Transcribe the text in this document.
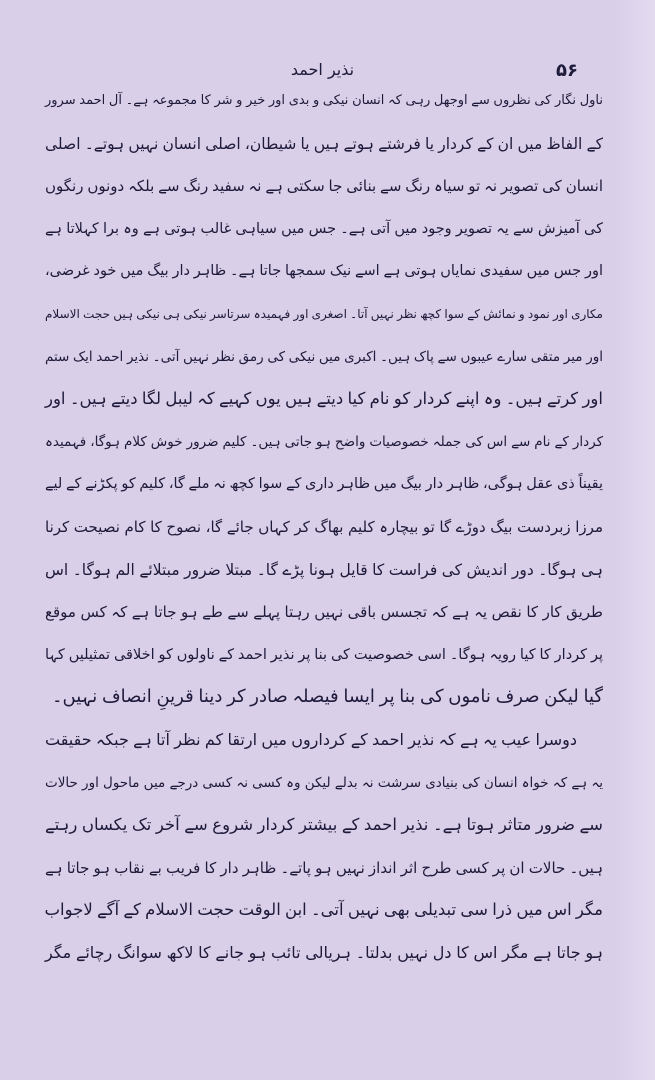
۵۶
نذیر احمد
ناول نگار کی نظروں سے اوجھل رہی کہ انسان نیکی و بدی اور خیر و شر کا مجموعہ ہے۔ آل احمد سرور
کے الفاظ میں ان کے کردار یا فرشتے ہوتے ہیں یا شیطان، اصلی انسان نہیں ہوتے۔ اصلی
انسان کی تصویر نہ تو سیاہ رنگ سے بنائی جا سکتی ہے نہ سفید رنگ سے بلکہ دونوں رنگوں
کی آمیزش سے یہ تصویر وجود میں آتی ہے۔ جس میں سیاہی غالب ہوتی ہے وہ برا کہلاتا ہے
اور جس میں سفیدی نمایاں ہوتی ہے اسے نیک سمجھا جاتا ہے۔ ظاہر دار بیگ میں خود غرضی،
مکاری اور نمود و نمائش کے سوا کچھ نظر نہیں آتا۔ اصغری اور فہمیدہ سرتاسر نیکی ہی نیکی ہیں حجت الاسلام
اور میر متقی سارے عیبوں سے پاک ہیں۔ اکبری میں نیکی کی رمق نظر نہیں آتی۔ نذیر احمد ایک ستم
اور کرتے ہیں۔ وہ اپنے کردار کو نام کیا دیتے ہیں یوں کہیے کہ لیبل لگا دیتے ہیں۔ اور
کردار کے نام سے اس کی جملہ خصوصیات واضح ہو جاتی ہیں۔ کلیم ضرور خوش کلام ہوگا، فہمیدہ
یقیناً ذی عقل ہوگی، ظاہر دار بیگ میں ظاہر داری کے سوا کچھ نہ ملے گا، کلیم کو پکڑنے کے لیے
مرزا زبردست بیگ دوڑے گا تو بیچارہ کلیم بھاگ کر کہاں جائے گا، نصوح کا کام نصیحت کرنا
ہی ہوگا۔ دور اندیش کی فراست کا قایل ہونا پڑے گا۔ مبتلا ضرور مبتلائے الم ہوگا۔ اس
طریق کار کا نقص یہ ہے کہ تجسس باقی نہیں رہتا پہلے سے طے ہو جاتا ہے کہ کس موقع
پر کردار کا کیا رویہ ہوگا۔ اسی خصوصیت کی بنا پر نذیر احمد کے ناولوں کو اخلاقی تمثیلیں کہا
گیا لیکن صرف ناموں کی بنا پر ایسا فیصلہ صادر کر دینا قرینِ انصاف نہیں۔
دوسرا عیب یہ ہے کہ نذیر احمد کے کرداروں میں ارتقا کم نظر آتا ہے جبکہ حقیقت
یہ ہے کہ خواہ انسان کی بنیادی سرشت نہ بدلے لیکن وہ کسی نہ کسی درجے میں ماحول اور حالات
سے ضرور متاثر ہوتا ہے۔ نذیر احمد کے بیشتر کردار شروع سے آخر تک یکساں رہتے
ہیں۔ حالات ان پر کسی طرح اثر انداز نہیں ہو پاتے۔ ظاہر دار کا فریب بے نقاب ہو جاتا ہے
مگر اس میں ذرا سی تبدیلی بھی نہیں آتی۔ ابن الوقت حجت الاسلام کے آگے لاجواب
ہو جاتا ہے مگر اس کا دل نہیں بدلتا۔ ہریالی تائب ہو جانے کا لاکھ سوانگ رچائے مگر
